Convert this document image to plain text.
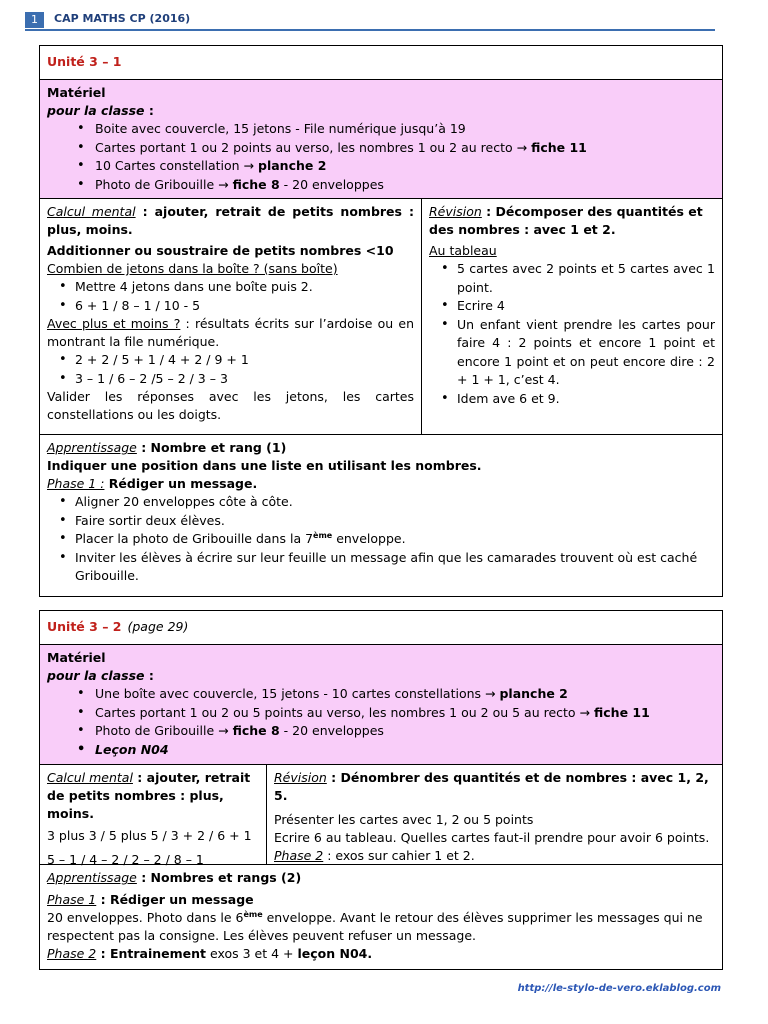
1	CAP MATHS CP (2016)
Unité 3 – 1

Matériel

pour la classe :

• Boite avec couvercle, 15 jetons - File numérique jusqu’à 19
• Cartes portant 1 ou 2 points au verso, les nombres 1 ou 2 au recto → fiche 11
• 10 Cartes constellation → planche 2
• Photo de Gribouille → fiche 8 - 20 enveloppes

Calcul mental : ajouter, retrait de petits nombres : plus, moins.

Additionner ou soustraire de petits nombres <10

Combien de jetons dans la boîte ? (sans boîte)

• Mettre 4 jetons dans une boîte puis 2.
• 6 + 1 / 8 – 1 / 10 - 5

Avec plus et moins ? : résultats écrits sur l’ardoise ou en montrant la file numérique.

• 2 + 2 / 5 + 1 / 4 + 2 / 9 + 1
• 3 – 1 / 6 – 2 /5 – 2 / 3 – 3

Valider les réponses avec les jetons, les cartes constellations ou les doigts.

Révision : Décomposer des quantités et des nombres : avec 1 et 2.

Au tableau

• 5 cartes avec 2 points et 5 cartes avec 1 point.
• Ecrire 4
• Un enfant vient prendre les cartes pour faire 4 : 2 points et encore 1 point et encore 1 point et on peut encore dire : 2 + 1 + 1, c’est 4.
• Idem ave 6 et 9.

Apprentissage : Nombre et rang (1)

Indiquer une position dans une liste en utilisant les nombres.

Phase 1 : Rédiger un message.

• Aligner 20 enveloppes côte à côte.
• Faire sortir deux élèves.
• Placer la photo de Gribouille dans la 7ème enveloppe.
• Inviter les élèves à écrire sur leur feuille un message afin que les camarades trouvent où est caché Gribouille.
Unité 3 – 2 (page 29)

Matériel

pour la classe :

• Une boîte avec couvercle, 15 jetons - 10 cartes constellations → planche 2
• Cartes portant 1 ou 2 ou 5 points au verso, les nombres 1 ou 2 ou 5 au recto → fiche 11
• Photo de Gribouille → fiche 8 - 20 enveloppes
• Leçon N04

Calcul mental : ajouter, retrait de petits nombres : plus, moins.

3 plus 3 / 5 plus 5 / 3 + 2 / 6 + 1

5 – 1 / 4 – 2 / 2 – 2 / 8 – 1

Révision : Dénombrer des quantités et de nombres : avec 1, 2, 5.

Présenter les cartes avec 1, 2 ou 5 points

Ecrire 6 au tableau. Quelles cartes faut-il prendre pour avoir 6 points.

Phase 2 : exos sur cahier 1 et 2.

Apprentissage : Nombres et rangs (2)

Phase 1 : Rédiger un message

20 enveloppes. Photo dans le 6ème enveloppe. Avant le retour des élèves supprimer les messages qui ne respectent pas la consigne. Les élèves peuvent refuser un message.

Phase 2 : Entrainement exos 3 et 4 + leçon N04.

http://le-stylo-de-vero.eklablog.com
